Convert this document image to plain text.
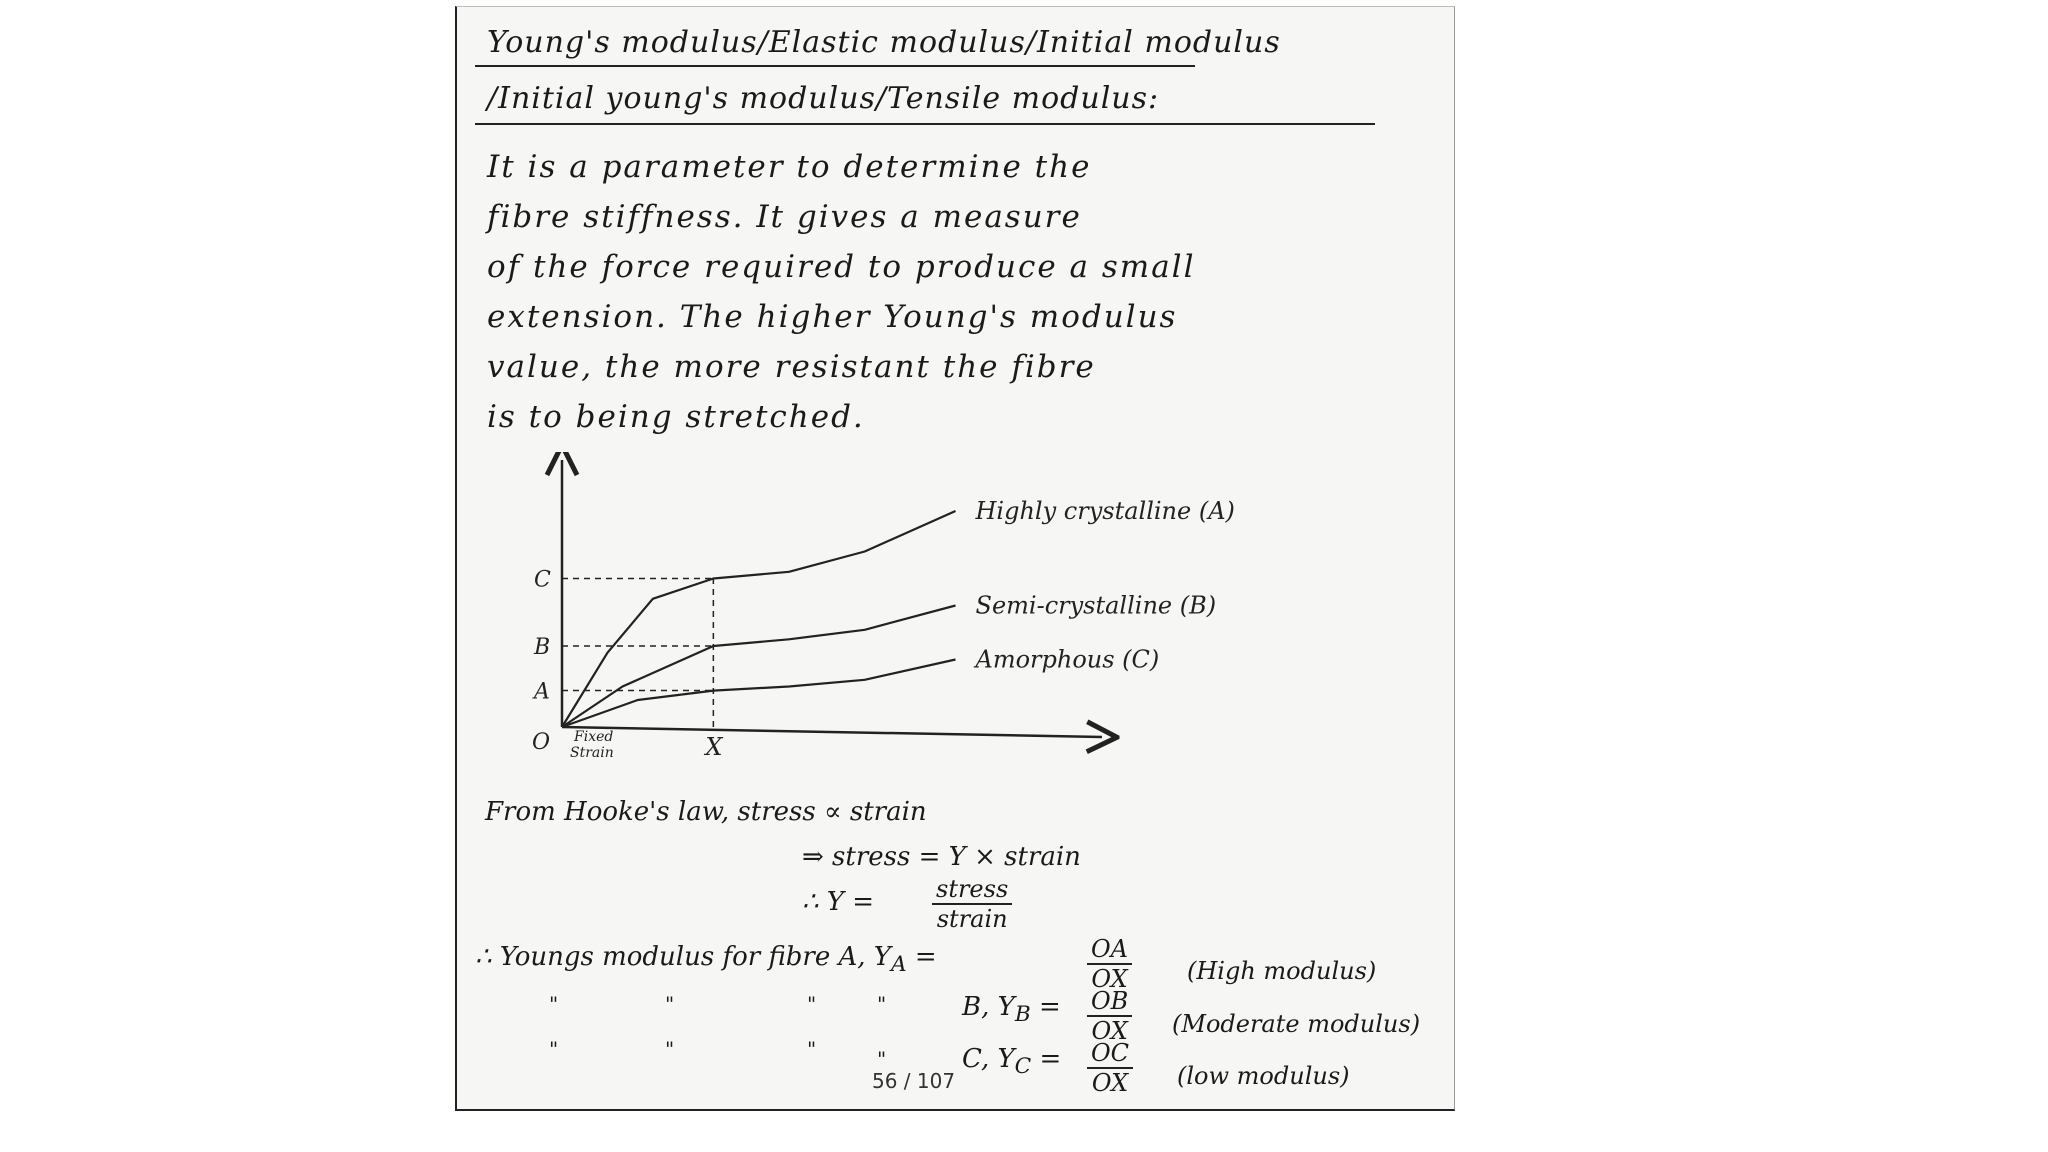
Young's modulus/Elastic modulus/Initial modulus
/Initial young's modulus/Tensile modulus:
It is a parameter to determine the
fibre stiffness. It gives a measure
of the force required to produce a small
extension. The higher Young's modulus
value, the more resistant the fibre
is to being stretched.
Highly crystalline (A)
C
Semi-crystalline (B)
B	Amorphous (C)
A
O	X
Fixed
Strain
From Hooke's law, stress ∝ strain
⇒ stress = Y × strain
∴ Y =	stress
strain
∴ Youngs modulus for fibre A, $Y_A$ =	$\frac{OA}{OX}$ (High modulus)
"	"	"	"	B, $Y_B = \frac{OB}{OX}$ (Moderate modulus)
"	"	"	"	C, $Y_C = \frac{OC}{OX} (low$ modulus)
56 / 107
